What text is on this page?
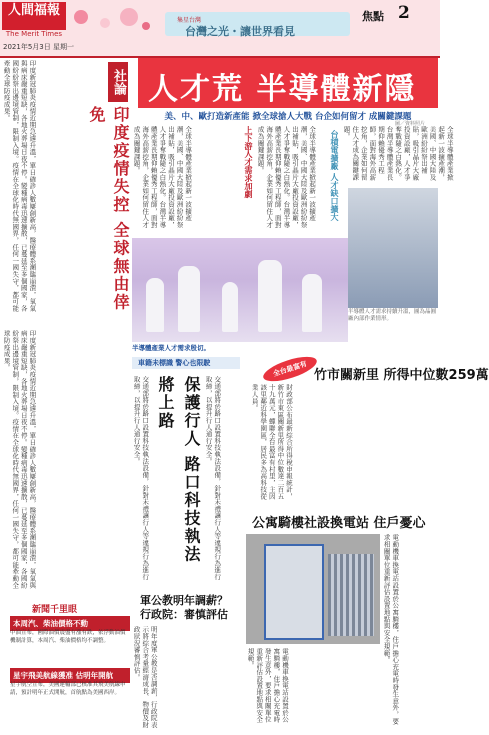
人間福報
The Merit Times
2021年5月3日 星期一
集星台灣
台灣之光・讓世界看見
焦點 2
印度新冠肺炎疫情近期急遽升溫，單日確診人數屢創新高，醫療體系瀕臨崩潰，氧氣與病床嚴重短缺，各地火葬場日夜不停。變種病毒迅速擴散，已蔓延至多個國家，各國紛紛祭出邊境管制，限制入境。疫情在全球化時代無國界，任何一國失守，都可能牽動全球防疫成果。	社論
印度疫情失控 全球無由倖免
人才荒 半導體新隱憂
美、中、歐打造新產能 掀全球搶人大戰 台企如何留才 成關鍵課題
上下游人才需求加劇	台積電擴廠 人才缺口擴大
圖／資料照片
全球半導體產業掀起新一波擴產潮，美國、中國大陸及歐洲紛紛祭出補貼，吸引晶片大廠投資設廠，人才爭奪戰隨之白熱化。台灣半導體產業長期仰賴優秀工程師，面對海外高薪挖角，企業如何留住人才成為關鍵課題。	全球半導體產業掀起新一波擴產潮，美國、中國大陸及歐洲紛紛祭出補貼，吸引晶片大廠投資設廠，人才爭奪戰隨之白熱化。台灣半導體產業長期仰賴優秀工程師，面對海外高薪挖角，企業如何留住人才成為關鍵課題。	全球半導體產業掀起新一波擴產潮，美國、中國大陸及歐洲紛紛祭出補貼，吸引晶片大廠投資設廠，人才爭奪戰隨之白熱化。台灣半導體產業長期仰賴優秀工程師，面對海外高薪挖角，企業如何留住人才成為關鍵課題。
半導體產業人才需求殷切。
半導體人才需求持續升溫，圖為晶圓廠內部作業情形。
全台最富有 竹市關新里 所得中位數259萬
財政部公布最新綜合所得稅申報統計，新竹市東區關新里所得中位數達二百五十九萬元，蟬聯全台最富有村里，主因該里鄰近科學園區，居民多為高科技從業人員。
公寓騎樓社設換電站 住戶憂心
電動機車換電站設置於公寓騎樓，住戶擔心充電時發生意外，要求相關單位重新評估設置地點與安全規範。
電動機車換電站設置於公寓騎樓，住戶擔心充電時發生意外，要求相關單位重新評估設置地點與安全規範。
車籍未標識 警心也限駛
交通部將於路口設置科技執法設備，針對未禮讓行人等違規行為進行取締，以提升行人通行安全。
保護行人 路口科技執法將上路
交通部將於路口設置科技執法設備，針對未禮讓行人等違規行為進行取締，以提升行人通行安全。
軍公教明年調薪？
行政院：審慎評估
明年度軍公教是否調薪，行政院表示將綜合考量經濟成長、物價及財政狀況審慎評估。
印度新冠肺炎疫情近期急遽升溫，單日確診人數屢創新高，醫療體系瀕臨崩潰，氧氣與病床嚴重短缺，各地火葬場日夜不停。變種病毒迅速擴散，已蔓延至多個國家，各國紛紛祭出邊境管制，限制入境。疫情在全球化時代無國界，任何一國失守，都可能牽動全球防疫成果。
新聞千里眼
本周汽、柴油價格不動
中油宣布，國際油價震盪有漲有跌，依浮動油價機制計算，本周汽、柴油價格均不調整。
星宇飛美航線獲准 估明年開航
星宇航空宣布，美國運輸部已核准其飛美航線申請，預計明年正式開航，首航點為美國西岸。
